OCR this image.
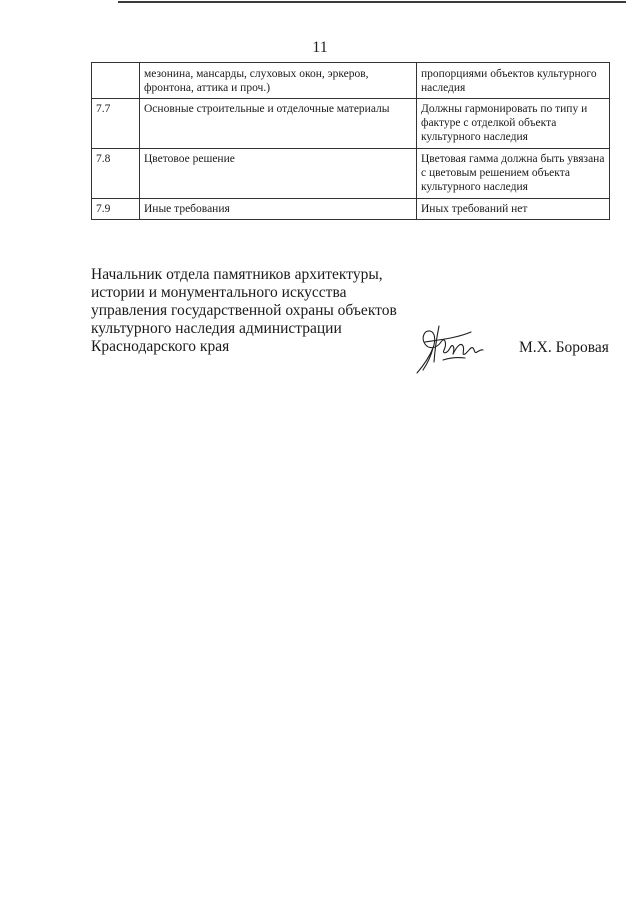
11
	мезонина, мансарды, слуховых окон, эркеров, фронтона, аттика и проч.)	пропорциями объектов культурного наследия
7.7	Основные строительные и отделочные материалы	Должны гармонировать по типу и фактуре с отделкой объекта культурного наследия
7.8	Цветовое решение	Цветовая гамма должна быть увязана с цветовым решением объекта культурного наследия
7.9	Иные требования	Иных требований нет
Начальник отдела памятников архитектуры,
истории и монументального искусства
управления государственной охраны объектов
культурного наследия администрации
Краснодарского края	М.Х. Боровая
